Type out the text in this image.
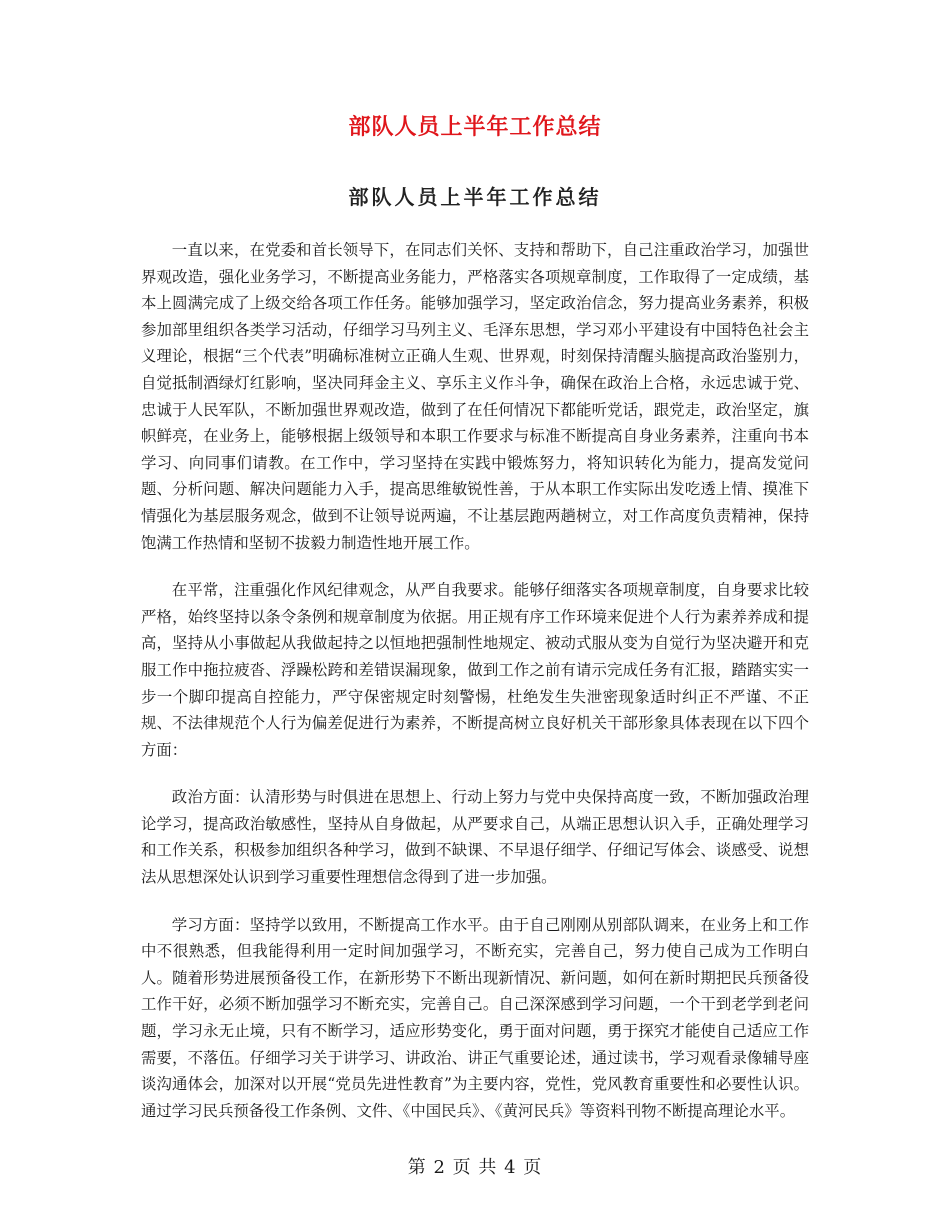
部队人员上半年工作总结
部队人员上半年工作总结

一直以来，在党委和首长领导下，在同志们关怀、支持和帮助下，自己注重政治学习，加强世界观改造，强化业务学习，不断提高业务能力，严格落实各项规章制度，工作取得了一定成绩，基本上圆满完成了上级交给各项工作任务。能够加强学习，坚定政治信念，努力提高业务素养，积极参加部里组织各类学习活动，仔细学习马列主义、毛泽东思想，学习邓小平建设有中国特色社会主义理论，根据“三个代表”明确标准树立正确人生观、世界观，时刻保持清醒头脑提高政治鉴别力，自觉抵制酒绿灯红影响，坚决同拜金主义、享乐主义作斗争，确保在政治上合格，永远忠诚于党、忠诚于人民军队，不断加强世界观改造，做到了在任何情况下都能听党话，跟党走，政治坚定，旗帜鲜亮，在业务上，能够根据上级领导和本职工作要求与标准不断提高自身业务素养，注重向书本学习、向同事们请教。在工作中，学习坚持在实践中锻炼努力，将知识转化为能力，提高发觉问题、分析问题、解决问题能力入手，提高思维敏锐性善，于从本职工作实际出发吃透上情、摸准下情强化为基层服务观念，做到不让领导说两遍，不让基层跑两趟树立，对工作高度负责精神，保持饱满工作热情和坚韧不拔毅力制造性地开展工作。

在平常，注重强化作风纪律观念，从严自我要求。能够仔细落实各项规章制度，自身要求比较严格，始终坚持以条令条例和规章制度为依据。用正规有序工作环境来促进个人行为素养养成和提高，坚持从小事做起从我做起持之以恒地把强制性地规定、被动式服从变为自觉行为坚决避开和克服工作中拖拉疲沓、浮躁松跨和差错误漏现象，做到工作之前有请示完成任务有汇报，踏踏实实一步一个脚印提高自控能力，严守保密规定时刻警惕，杜绝发生失泄密现象适时纠正不严谨、不正规、不法律规范个人行为偏差促进行为素养，不断提高树立良好机关干部形象具体表现在以下四个方面：

政治方面：认清形势与时俱进在思想上、行动上努力与党中央保持高度一致，不断加强政治理论学习，提高政治敏感性，坚持从自身做起，从严要求自己，从端正思想认识入手，正确处理学习和工作关系，积极参加组织各种学习，做到不缺课、不早退仔细学、仔细记写体会、谈感受、说想法从思想深处认识到学习重要性理想信念得到了进一步加强。

学习方面：坚持学以致用，不断提高工作水平。由于自己刚刚从别部队调来，在业务上和工作中不很熟悉，但我能得利用一定时间加强学习，不断充实，完善自己，努力使自己成为工作明白人。随着形势进展预备役工作，在新形势下不断出现新情况、新问题，如何在新时期把民兵预备役工作干好，必须不断加强学习不断充实，完善自己。自己深深感到学习问题，一个干到老学到老问题，学习永无止境，只有不断学习，适应形势变化，勇于面对问题，勇于探究才能使自己适应工作需要，不落伍。仔细学习关于讲学习、讲政治、讲正气重要论述，通过读书，学习观看录像辅导座谈沟通体会，加深对以开展“党员先进性教育”为主要内容，党性，党风教育重要性和必要性认识。通过学习民兵预备役工作条例、文件、《中国民兵》、《黄河民兵》等资料刊物不断提高理论水平。

第 2 页 共 4 页
